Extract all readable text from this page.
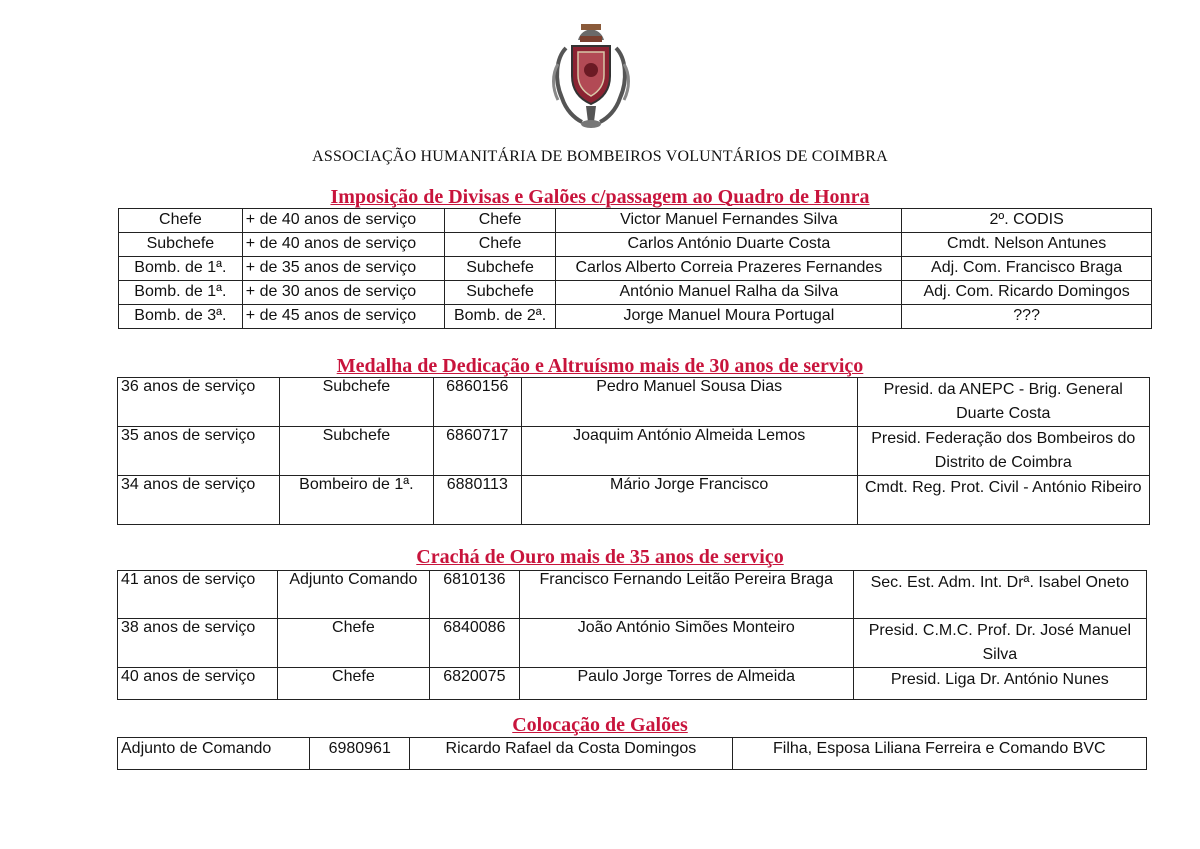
ASSOCIAÇÃO HUMANITÁRIA DE BOMBEIROS VOLUNTÁRIOS DE COIMBRA
Imposição de Divisas e Galões c/passagem ao Quadro de Honra
Chefe	+ de 40 anos de serviço	Chefe	Victor Manuel Fernandes Silva	2º. CODIS
Subchefe	+ de 40 anos de serviço	Chefe	Carlos António Duarte Costa	Cmdt. Nelson Antunes
Bomb. de 1ª.	+ de 35 anos de serviço	Subchefe	Carlos Alberto Correia Prazeres Fernandes	Adj. Com. Francisco Braga
Bomb. de 1ª.	+ de 30 anos de serviço	Subchefe	António Manuel Ralha da Silva	Adj. Com. Ricardo Domingos
Bomb. de 3ª.	+ de 45 anos de serviço	Bomb. de 2ª.	Jorge Manuel Moura Portugal	???
Medalha de Dedicação e Altruísmo mais de 30 anos de serviço
36 anos de serviço	Subchefe	6860156	Pedro Manuel Sousa Dias	Presid. da ANEPC - Brig. General Duarte Costa
35 anos de serviço	Subchefe	6860717	Joaquim António Almeida Lemos	Presid. Federação dos Bombeiros do Distrito de Coimbra
34 anos de serviço	Bombeiro de 1ª.	6880113	Mário Jorge Francisco	Cmdt. Reg. Prot. Civil - António Ribeiro
Crachá de Ouro mais de 35 anos de serviço
41 anos de serviço	Adjunto Comando	6810136	Francisco Fernando Leitão Pereira Braga	Sec. Est. Adm. Int. Drª. Isabel Oneto
38 anos de serviço	Chefe	6840086	João António Simões Monteiro	Presid. C.M.C. Prof. Dr. José Manuel Silva
40 anos de serviço	Chefe	6820075	Paulo Jorge Torres de Almeida	Presid. Liga Dr. António Nunes
Colocação de Galões
Adjunto de Comando	6980961	Ricardo Rafael da Costa Domingos	Filha, Esposa Liliana Ferreira e Comando BVC
